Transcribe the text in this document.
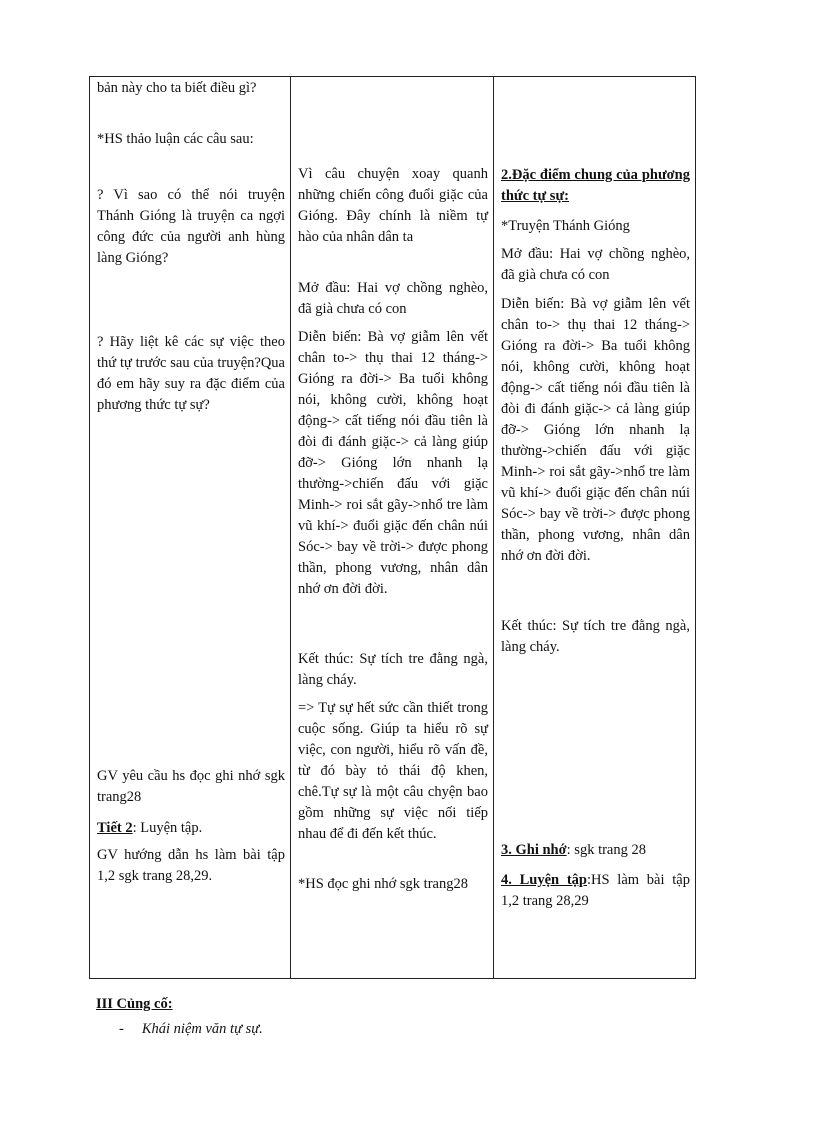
bản này cho ta biết điều gì?

*HS thảo luận các câu sau:

? Vì sao có thể nói truyện Thánh Gióng là truyện ca ngợi công đức của người anh hùng làng Gióng?

? Hãy liệt kê các sự việc theo thứ tự trước sau của truyện?Qua đó em hãy suy ra đặc điểm của phương thức tự sự?

GV yêu cầu hs đọc ghi nhớ sgk trang28

Tiết 2: Luyện tập.

GV hướng dẫn hs làm bài tập 1,2 sgk trang 28,29.

Vì câu chuyện xoay quanh những chiến công đuổi giặc của Gióng. Đây chính là niềm tự hào của nhân dân ta

Mở đầu: Hai vợ chồng nghèo, đã già chưa có con

Diễn biến: Bà vợ giẫm lên vết chân to-> thụ thai 12 tháng-> Gióng ra đời-> Ba tuổi không nói, không cười, không hoạt động-> cất tiếng nói đầu tiên là đòi đi đánh giặc-> cả làng giúp đỡ-> Gióng lớn nhanh lạ thường->chiến đấu với giặc Minh-> roi sắt gãy->nhổ tre làm vũ khí-> đuổi giặc đến chân núi Sóc-> bay về trời-> được phong thần, phong vương, nhân dân nhớ ơn đời đời.

Kết thúc: Sự tích tre đằng ngà, làng cháy.

=> Tự sự hết sức cần thiết trong cuộc sống. Giúp ta hiểu rõ sự việc, con người, hiểu rõ vấn đề, từ đó bày tỏ thái độ khen, chê.Tự sự là một câu chyện bao gồm những sự việc nối tiếp nhau để đi đến kết thúc.

*HS đọc ghi nhớ sgk trang28

2.Đặc điểm chung của phương thức tự sự:

*Truyện Thánh Gióng

Mở đầu: Hai vợ chồng nghèo, đã già chưa có con

Diễn biến: Bà vợ giẫm lên vết chân to-> thụ thai 12 tháng-> Gióng ra đời-> Ba tuổi không nói, không cười, không hoạt động-> cất tiếng nói đầu tiên là đòi đi đánh giặc-> cả làng giúp đỡ-> Gióng lớn nhanh lạ thường->chiến đấu với giặc Minh-> roi sắt gãy->nhổ tre làm vũ khí-> đuổi giặc đến chân núi Sóc-> bay về trời-> được phong thần, phong vương, nhân dân nhớ ơn đời đời.

Kết thúc: Sự tích tre đằng ngà, làng cháy.

3. Ghi nhớ: sgk trang 28

4. Luyện tập:HS làm bài tập 1,2 trang 28,29

III Củng cố:

- Khái niệm văn tự sự.
